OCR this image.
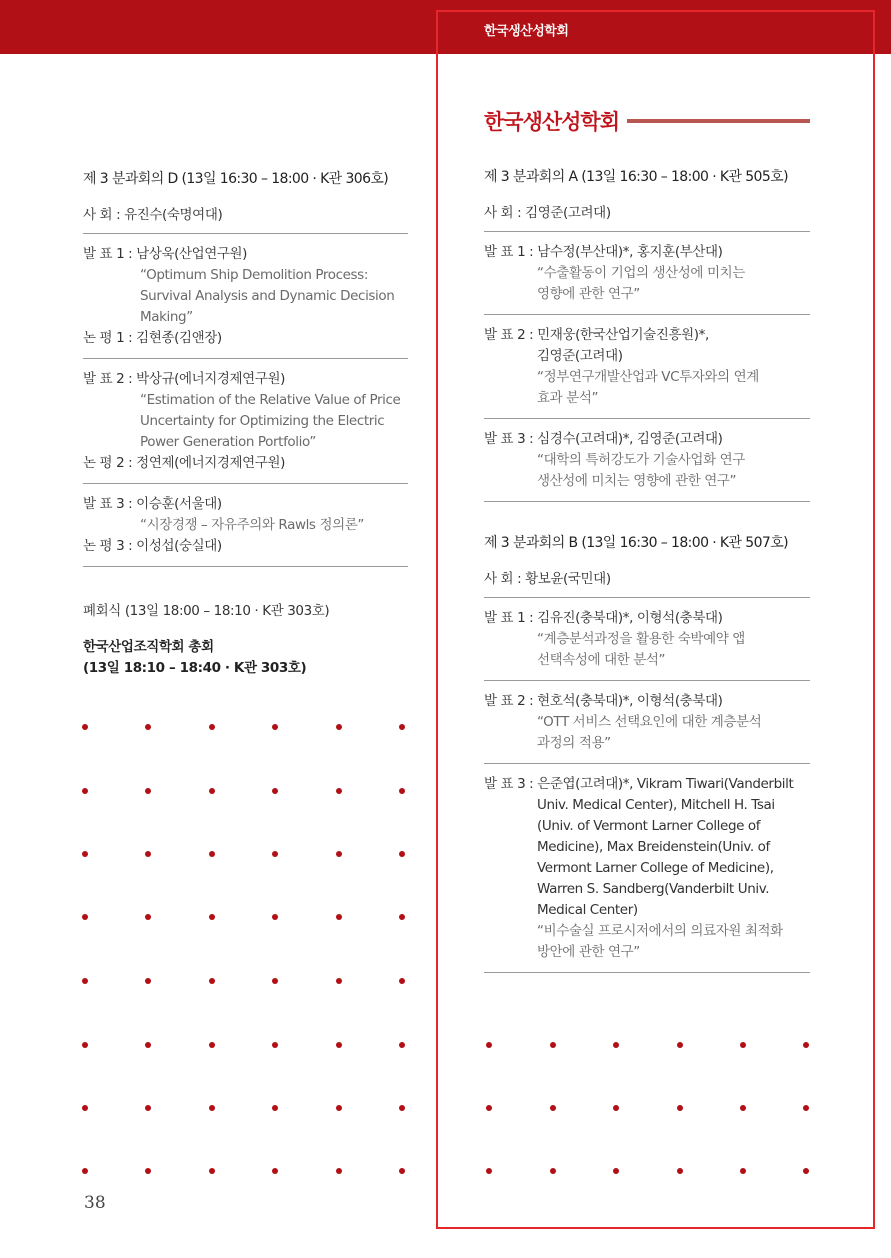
한국생산성학회
제 3 분과회의 D (13일 16:30 – 18:00 · K관 306호)
사 회 : 유진수(숙명여대)
발 표 1 : 남상욱(산업연구원)
“Optimum Ship Demolition Process:
Survival Analysis and Dynamic Decision
Making”
논 평 1 : 김현종(김앤장)
발 표 2 : 박상규(에너지경제연구원)
“Estimation of the Relative Value of Price
Uncertainty for Optimizing the Electric
Power Generation Portfolio”
논 평 2 : 정연제(에너지경제연구원)
발 표 3 : 이승훈(서울대)
“시장경쟁 – 자유주의와 Rawls 정의론”
논 평 3 : 이성섭(숭실대)
폐회식 (13일 18:00 – 18:10 · K관 303호)
한국산업조직학회 총회
(13일 18:10 – 18:40 · K관 303호)
한국생산성학회
제 3 분과회의 A (13일 16:30 – 18:00 · K관 505호)
사 회 : 김영준(고려대)
발 표 1 : 남수정(부산대)*, 홍지훈(부산대)
“수출활동이 기업의 생산성에 미치는
영향에 관한 연구”
발 표 2 : 민재웅(한국산업기술진흥원)*,
김영준(고려대)
“정부연구개발산업과 VC투자와의 연계
효과 분석”
발 표 3 : 심경수(고려대)*, 김영준(고려대)
“대학의 특허강도가 기술사업화 연구
생산성에 미치는 영향에 관한 연구”
제 3 분과회의 B (13일 16:30 – 18:00 · K관 507호)
사 회 : 황보윤(국민대)
발 표 1 : 김유진(충북대)*, 이형석(충북대)
“계층분석과정을 활용한 숙박예약 앱
선택속성에 대한 분석”
발 표 2 : 현호석(충북대)*, 이형석(충북대)
“OTT 서비스 선택요인에 대한 계층분석
과정의 적용”
발 표 3 : 은준엽(고려대)*, Vikram Tiwari(Vanderbilt
Univ. Medical Center), Mitchell H. Tsai
(Univ. of Vermont Larner College of
Medicine), Max Breidenstein(Univ. of
Vermont Larner College of Medicine),
Warren S. Sandberg(Vanderbilt Univ.
Medical Center)
“비수술실 프로시저에서의 의료자원 최적화
방안에 관한 연구”
38
